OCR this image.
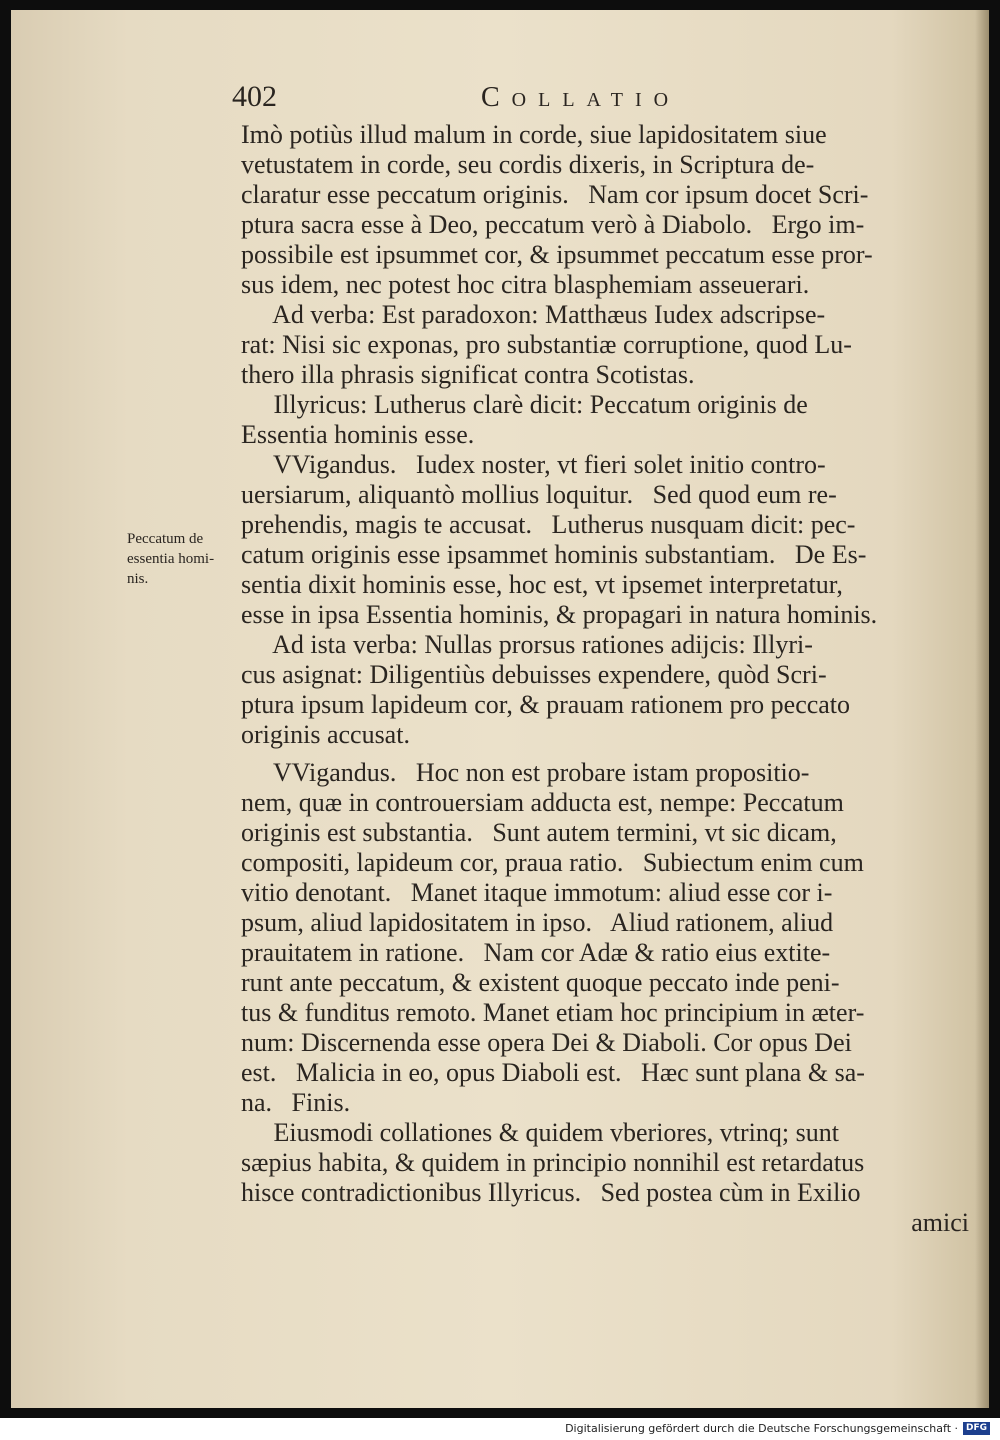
Peccatum de
essentia homi-
nis.
402	Collatio
Imò potiùs illud malum in corde, siue lapidositatem siue
vetustatem in corde, seu cordis dixeris, in Scriptura de-
claratur esse peccatum originis.   Nam cor ipsum docet Scri-
ptura sacra esse à Deo, peccatum verò à Diabolo.   Ergo im-
possibile est ipsummet cor, & ipsummet peccatum esse pror-
sus idem, nec potest hoc citra blasphemiam asseuerari.
Ad verba: Est paradoxon: Matthæus Iudex adscripse-
rat: Nisi sic exponas, pro substantiæ corruptione, quod Lu-
thero illa phrasis significat contra Scotistas.
Illyricus: Lutherus clarè dicit: Peccatum originis de
Essentia hominis esse.
VVigandus.   Iudex noster, vt fieri solet initio contro-
uersiarum, aliquantò mollius loquitur.   Sed quod eum re-
prehendis, magis te accusat.   Lutherus nusquam dicit: pec-
catum originis esse ipsammet hominis substantiam.   De Es-
sentia dixit hominis esse, hoc est, vt ipsemet interpretatur,
esse in ipsa Essentia hominis, & propagari in natura hominis.
Ad ista verba: Nullas prorsus rationes adijcis: Illyri-
cus asignat: Diligentiùs debuisses expendere, quòd Scri-
ptura ipsum lapideum cor, & prauam rationem pro peccato
originis accusat.
VVigandus.   Hoc non est probare istam propositio-
nem, quæ in controuersiam adducta est, nempe: Peccatum
originis est substantia.   Sunt autem termini, vt sic dicam,
compositi, lapideum cor, praua ratio.   Subiectum enim cum
vitio denotant.   Manet itaque immotum: aliud esse cor i-
psum, aliud lapidositatem in ipso.   Aliud rationem, aliud
prauitatem in ratione.   Nam cor Adæ & ratio eius extite-
runt ante peccatum, & existent quoque peccato inde peni-
tus & funditus remoto. Manet etiam hoc principium in æter-
num: Discernenda esse opera Dei & Diaboli. Cor opus Dei
est.   Malicia in eo, opus Diaboli est.   Hæc sunt plana & sa-
na.   Finis.
Eiusmodi collationes & quidem vberiores, vtrinq; sunt
sæpius habita, & quidem in principio nonnihil est retardatus
hisce contradictionibus Illyricus.   Sed postea cùm in Exilio
amici
Digitalisierung gefördert durch die Deutsche Forschungsgemeinschaft · DFG
